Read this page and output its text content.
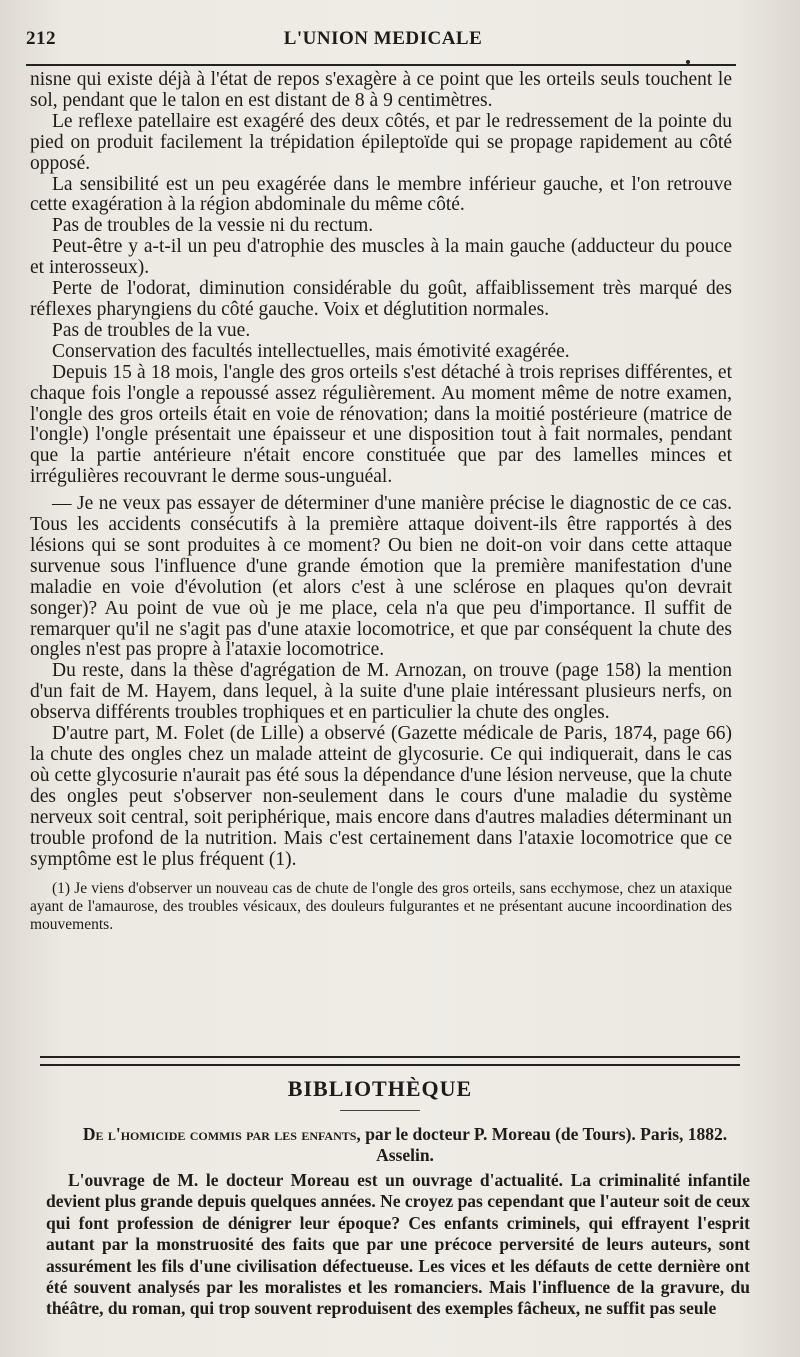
212	L'UNION MEDICALE

nisne qui existe déjà à l'état de repos s'exagère à ce point que les orteils seuls touchent le sol, pendant que le talon en est distant de 8 à 9 centimètres.

Le reflexe patellaire est exagéré des deux côtés, et par le redressement de la pointe du pied on produit facilement la trépidation épileptoïde qui se propage rapidement au côté opposé.

La sensibilité est un peu exagérée dans le membre inférieur gauche, et l'on retrouve cette exagération à la région abdominale du même côté.

Pas de troubles de la vessie ni du rectum.

Peut-être y a-t-il un peu d'atrophie des muscles à la main gauche (adducteur du pouce et interosseux).

Perte de l'odorat, diminution considérable du goût, affaiblissement très marqué des réflexes pharyngiens du côté gauche. Voix et déglutition normales.

Pas de troubles de la vue.

Conservation des facultés intellectuelles, mais émotivité exagérée.

Depuis 15 à 18 mois, l'angle des gros orteils s'est détaché à trois reprises différentes, et chaque fois l'ongle a repoussé assez régulièrement. Au moment même de notre examen, l'ongle des gros orteils était en voie de rénovation; dans la moitié postérieure (matrice de l'ongle) l'ongle présentait une épaisseur et une disposition tout à fait normales, pendant que la partie antérieure n'était encore constituée que par des lamelles minces et irrégulières recouvrant le derme sous-unguéal.

— Je ne veux pas essayer de déterminer d'une manière précise le diagnostic de ce cas. Tous les accidents consécutifs à la première attaque doivent-ils être rapportés à des lésions qui se sont produites à ce moment? Ou bien ne doit-on voir dans cette attaque survenue sous l'influence d'une grande émotion que la première manifestation d'une maladie en voie d'évolution (et alors c'est à une sclérose en plaques qu'on devrait songer)? Au point de vue où je me place, cela n'a que peu d'importance. Il suffit de remarquer qu'il ne s'agit pas d'une ataxie locomotrice, et que par conséquent la chute des ongles n'est pas propre à l'ataxie locomotrice.

Du reste, dans la thèse d'agrégation de M. Arnozan, on trouve (page 158) la mention d'un fait de M. Hayem, dans lequel, à la suite d'une plaie intéressant plusieurs nerfs, on observa différents troubles trophiques et en particulier la chute des ongles.

D'autre part, M. Folet (de Lille) a observé (Gazette médicale de Paris, 1874, page 66) la chute des ongles chez un malade atteint de glycosurie. Ce qui indiquerait, dans le cas où cette glycosurie n'aurait pas été sous la dépendance d'une lésion nerveuse, que la chute des ongles peut s'observer non-seulement dans le cours d'une maladie du système nerveux soit central, soit periphérique, mais encore dans d'autres maladies déterminant un trouble profond de la nutrition. Mais c'est certainement dans l'ataxie locomotrice que ce symptôme est le plus fréquent (1).

(1) Je viens d'observer un nouveau cas de chute de l'ongle des gros orteils, sans ecchymose, chez un ataxique ayant de l'amaurose, des troubles vésicaux, des douleurs fulgurantes et ne présentant aucune incoordination des mouvements.

BIBLIOTHÈQUE
De l'homicide commis par les enfants, par le docteur P. Moreau (de Tours). Paris, 1882. Asselin.

L'ouvrage de M. le docteur Moreau est un ouvrage d'actualité. La criminalité infantile devient plus grande depuis quelques années. Ne croyez pas cependant que l'auteur soit de ceux qui font profession de dénigrer leur époque? Ces enfants criminels, qui effrayent l'esprit autant par la monstruosité des faits que par une précoce perversité de leurs auteurs, sont assurément les fils d'une civilisation défectueuse. Les vices et les défauts de cette dernière ont été souvent analysés par les moralistes et les romanciers. Mais l'influence de la gravure, du théâtre, du roman, qui trop souvent reproduisent des exemples fâcheux, ne suffit pas seule
